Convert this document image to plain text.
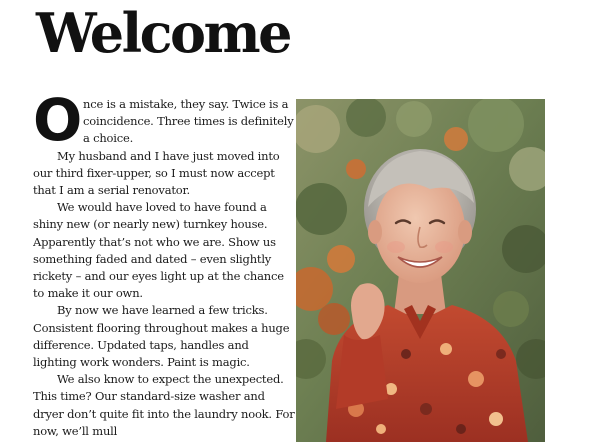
Welcome

O nce is a mistake, they say. Twice is a coincidence. Three times is definitely a choice.

My husband and I have just moved into our third fixer-upper, so I must now accept that I am a serial renovator.

We would have loved to have found a shiny new (or nearly new) turnkey house. Apparently that’s not who we are. Show us something faded and dated – even slightly rickety – and our eyes light up at the chance to make it our own.

By now we have learned a few tricks. Consistent flooring throughout makes a huge difference. Updated taps, handles and lighting work wonders. Paint is magic.

We also know to expect the unexpected. This time? Our standard-size washer and dryer don’t quite fit into the laundry nook. For now, we’ll mull
